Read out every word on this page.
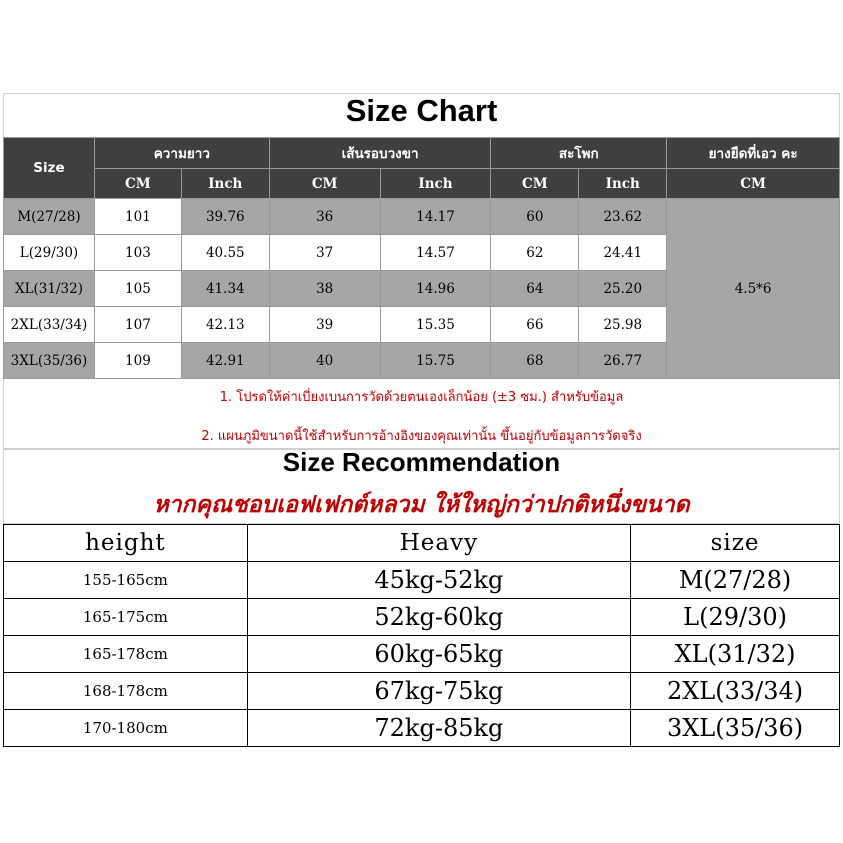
Size Chart
Size	ความยาว		เส้นรอบวงขา		สะโพก		ยางยืดที่เอว คะ
	CM	Inch	CM	Inch	CM	Inch	CM
M(27/28)	101	39.76	36	14.17	60	23.62	4.5*6
L(29/30)	103	40.55	37	14.57	62	24.41	
XL(31/32)	105	41.34	38	14.96	64	25.20	
2XL(33/34)	107	42.13	39	15.35	66	25.98	
3XL(35/36)	109	42.91	40	15.75	68	26.77	
1. โปรดให้ค่าเบี่ยงเบนการวัดด้วยตนเองเล็กน้อย (±3 ซม.) สำหรับข้อมูล
2. แผนภูมิขนาดนี้ใช้สำหรับการอ้างอิงของคุณเท่านั้น ขึ้นอยู่กับข้อมูลการวัดจริง
Size Recommendation
หากคุณชอบเอฟเฟกต์หลวม ให้ใหญ่กว่าปกติหนึ่งขนาด
height	Heavy	size
155-165cm	45kg-52kg	M(27/28)
165-175cm	52kg-60kg	L(29/30)
165-178cm	60kg-65kg	XL(31/32)
168-178cm	67kg-75kg	2XL(33/34)
170-180cm	72kg-85kg	3XL(35/36)
